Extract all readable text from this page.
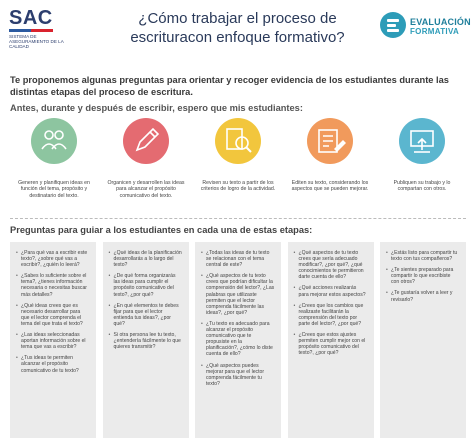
SAC
SISTEMA DE ASEGURAMIENTO DE LA CALIDAD
¿Cómo trabajar el proceso de escrituracon enfoque formativo?
EVALUACIÓN
FORMATIVA

Te proponemos algunas preguntas para orientar y recoger evidencia de los estudiantes durante las distintas etapas del proceso de escritura.

Antes, durante y después de escribir, espero que mis estudiantes:

Generen y planifiquen ideas en función del tema, propósito y destinatario del texto.
Organicen y desarrollen las ideas para alcanzar el propósito comunicativo del texto.
Revisen su texto a partir de los criterios de logro de la actividad.
Editen su texto, considerando los aspectos que se pueden mejorar.
Publiquen su trabajo y lo compartan con otros.

Preguntas para guiar a los estudiantes en cada una de estas etapas:

• ¿Para qué vas a escribir este texto?, ¿sobre qué vas a escribir?, ¿quién lo leerá?
• ¿Sabes lo suficiente sobre el tema?, ¿tienes información necesaria o necesitas buscar más detalles?
• ¿Qué ideas crees que es necesario desarrollar para que el lector comprenda el tema del que trata el texto?
• ¿Las ideas seleccionadas aportan información sobre el tema que vas a escribir?
• ¿Tus ideas te permiten alcanzar el propósito comunicativo de tu texto?
• ¿Qué ideas de la planificación desarrollarás a lo largo del texto?
• ¿De qué forma organizarás las ideas para cumplir el propósito comunicativo del texto?, ¿por qué?
• ¿En qué elementos te debes fijar para que el lector entienda tus ideas?, ¿por qué?
• Si otra persona lee tu texto, ¿entendería fácilmente lo que quieres transmitir?
• ¿Todas las ideas de tu texto se relacionan con el tema central de este?
• ¿Qué aspectos de tu texto crees que podrían dificultar la comprensión del lector?, ¿Las palabras que utilizaste permiten que el lector comprenda fácilmente las ideas?, ¿por qué?
• ¿Tu texto es adecuado para alcanzar el propósito comunicativo que te propusiste en la planificación?, ¿cómo lo diste cuenta de ello?
• ¿Qué aspectos puedes mejorar para que el lector comprenda fácilmente tu texto?
• ¿Qué aspectos de tu texto crees que sería adecuado modificar?, ¿por qué?, ¿qué conocimientos te permitieron darte cuenta de ello?
• ¿Qué acciones realizarás para mejorar estos aspectos?
• ¿Crees que los cambios que realizaste facilitarán la comprensión del texto por parte del lector?, ¿por qué?
• ¿Crees que estos ajustes permiten cumplir mejor con el propósito comunicativo del texto?, ¿por qué?
• ¿Estás listo para compartir tu texto con tus compañeros?
• ¿Te sientes preparado para compartir lo que escribiste con otros?
• ¿Te gustaría volver a leer y revisarlo?
